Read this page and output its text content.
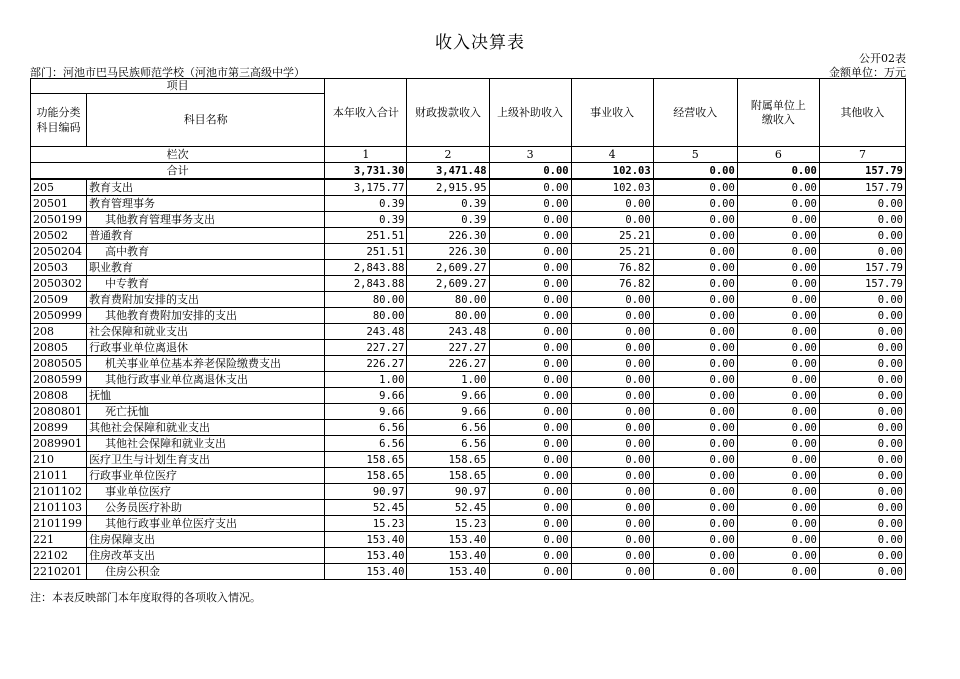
收入决算表
公开02表
部门：河池市巴马民族师范学校（河池市第三高级中学）	金额单位：万元
项目		本年收入合计	财政拨款收入	上级补助收入	事业收入	经营收入	附属单位上缴收入	其他收入
功能分类科目编码	科目名称							
栏次		1	2	3	4	5	6	7
合计		3,731.30	3,471.48	0.00	102.03	0.00	0.00	157.79
205	教育支出	3,175.77	2,915.95	0.00	102.03	0.00	0.00	157.79
20501	教育管理事务	0.39	0.39	0.00	0.00	0.00	0.00	0.00
2050199	其他教育管理事务支出	0.39	0.39	0.00	0.00	0.00	0.00	0.00
20502	普通教育	251.51	226.30	0.00	25.21	0.00	0.00	0.00
2050204	高中教育	251.51	226.30	0.00	25.21	0.00	0.00	0.00
20503	职业教育	2,843.88	2,609.27	0.00	76.82	0.00	0.00	157.79
2050302	中专教育	2,843.88	2,609.27	0.00	76.82	0.00	0.00	157.79
20509	教育费附加安排的支出	80.00	80.00	0.00	0.00	0.00	0.00	0.00
2050999	其他教育费附加安排的支出	80.00	80.00	0.00	0.00	0.00	0.00	0.00
208	社会保障和就业支出	243.48	243.48	0.00	0.00	0.00	0.00	0.00
20805	行政事业单位离退休	227.27	227.27	0.00	0.00	0.00	0.00	0.00
2080505	机关事业单位基本养老保险缴费支出	226.27	226.27	0.00	0.00	0.00	0.00	0.00
2080599	其他行政事业单位离退休支出	1.00	1.00	0.00	0.00	0.00	0.00	0.00
20808	抚恤	9.66	9.66	0.00	0.00	0.00	0.00	0.00
2080801	死亡抚恤	9.66	9.66	0.00	0.00	0.00	0.00	0.00
20899	其他社会保障和就业支出	6.56	6.56	0.00	0.00	0.00	0.00	0.00
2089901	其他社会保障和就业支出	6.56	6.56	0.00	0.00	0.00	0.00	0.00
210	医疗卫生与计划生育支出	158.65	158.65	0.00	0.00	0.00	0.00	0.00
21011	行政事业单位医疗	158.65	158.65	0.00	0.00	0.00	0.00	0.00
2101102	事业单位医疗	90.97	90.97	0.00	0.00	0.00	0.00	0.00
2101103	公务员医疗补助	52.45	52.45	0.00	0.00	0.00	0.00	0.00
2101199	其他行政事业单位医疗支出	15.23	15.23	0.00	0.00	0.00	0.00	0.00
221	住房保障支出	153.40	153.40	0.00	0.00	0.00	0.00	0.00
22102	住房改革支出	153.40	153.40	0.00	0.00	0.00	0.00	0.00
2210201	住房公积金	153.40	153.40	0.00	0.00	0.00	0.00	0.00
注：本表反映部门本年度取得的各项收入情况。
